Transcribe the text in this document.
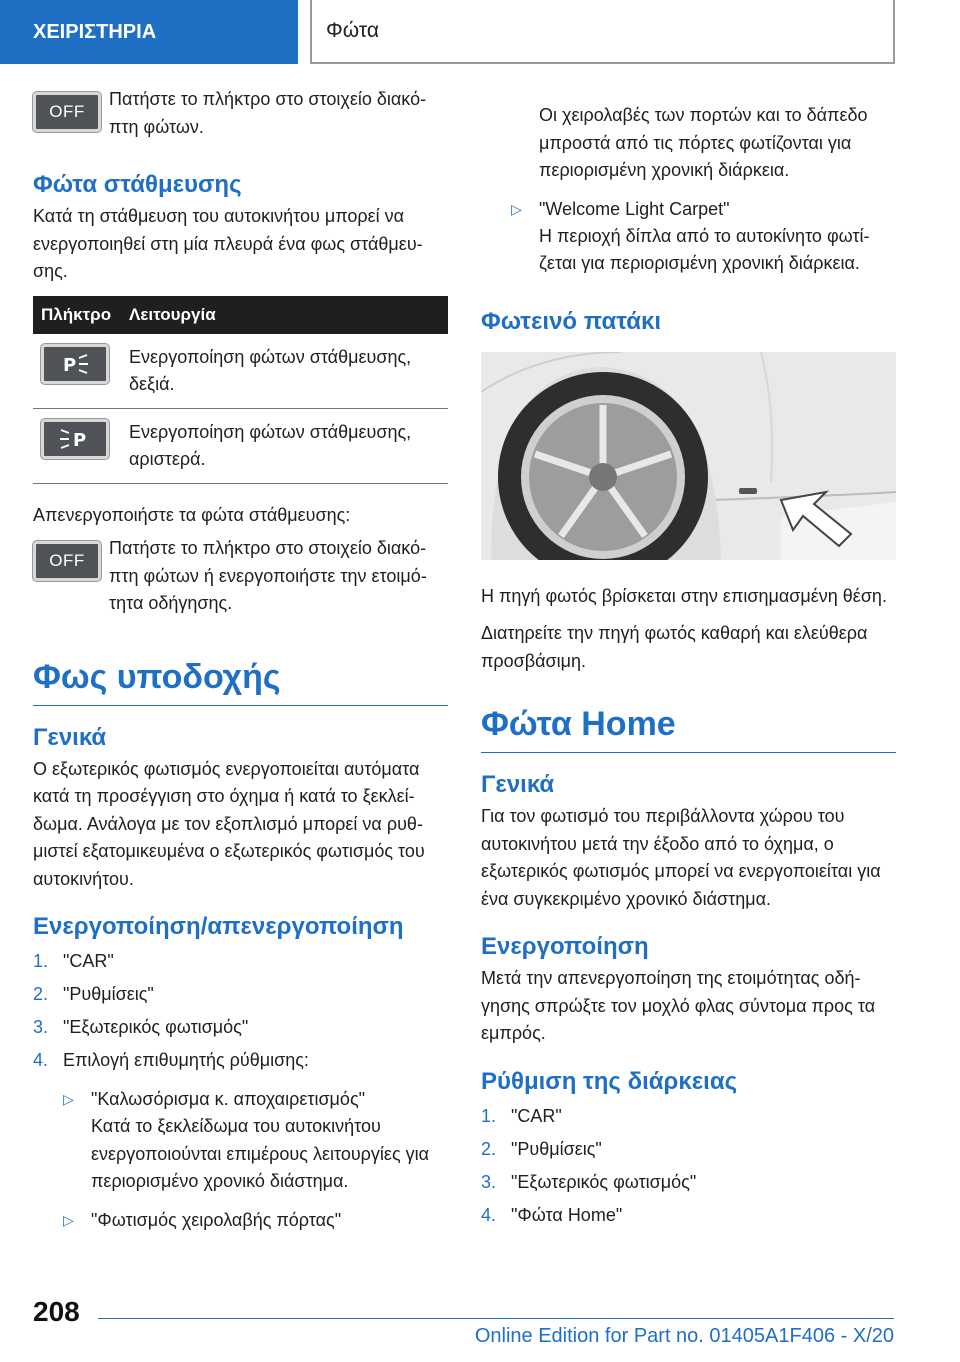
ΧΕΙΡΙΣΤΗΡΙΑ	Φώτα
OFF

Πατήστε το πλήκτρο στο στοιχείο διακόπτη φώτων.

Φώτα στάθμευσης

Κατά τη στάθμευση του αυτοκινήτου μπορεί να ενεργοποιηθεί στη μία πλευρά ένα φως στάθμευσης.

Πλήκτρο	Λειτουργία

P	Ενεργοποίηση φώτων στάθμευσης, δεξιά.

P	Ενεργοποίηση φώτων στάθμευσης, αριστερά.

Απενεργοποιήστε τα φώτα στάθμευσης:

OFF

Πατήστε το πλήκτρο στο στοιχείο διακόπτη φώτων ή ενεργοποιήστε την ετοιμότητα οδήγησης.

Φως υποδοχής
Γενικά

Ο εξωτερικός φωτισμός ενεργοποιείται αυτόματα κατά τη προσέγγιση στο όχημα ή κατά το ξεκλείδωμα. Ανάλογα με τον εξοπλισμό μπορεί να ρυθμιστεί εξατομικευμένα ο εξωτερικός φωτισμός του αυτοκινήτου.

Ενεργοποίηση/απενεργοποίηση
1. "CAR"
2. "Ρυθμίσεις"
3. "Εξωτερικός φωτισμός"
4. Επιλογή επιθυμητής ρύθμισης:
▷ "Καλωσόρισμα κ. αποχαιρετισμός"

Κατά το ξεκλείδωμα του αυτοκινήτου ενεργοποιούνται επιμέρους λειτουργίες για περιορισμένο χρονικό διάστημα.

▷ "Φωτισμός χειρολαβής πόρτας"

Οι χειρολαβές των πορτών και το δάπεδο μπροστά από τις πόρτες φωτίζονται για περιορισμένη χρονική διάρκεια.

▷ "Welcome Light Carpet"

Η περιοχή δίπλα από το αυτοκίνητο φωτίζεται για περιορισμένη χρονική διάρκεια.

Φωτεινό πατάκι

Η πηγή φωτός βρίσκεται στην επισημασμένη θέση.

Διατηρείτε την πηγή φωτός καθαρή και ελεύθερα προσβάσιμη.

Φώτα Home
Γενικά

Για τον φωτισμό του περιβάλλοντα χώρου του αυτοκινήτου μετά την έξοδο από το όχημα, ο εξωτερικός φωτισμός μπορεί να ενεργοποιείται για ένα συγκεκριμένο χρονικό διάστημα.

Ενεργοποίηση

Μετά την απενεργοποίηση της ετοιμότητας οδήγησης σπρώξτε τον μοχλό φλας σύντομα προς τα εμπρός.

Ρύθμιση της διάρκειας
1. "CAR"
2. "Ρυθμίσεις"
3. "Εξωτερικός φωτισμός"
4. "Φώτα Home"
208
Online Edition for Part no. 01405A1F406 - X/20
